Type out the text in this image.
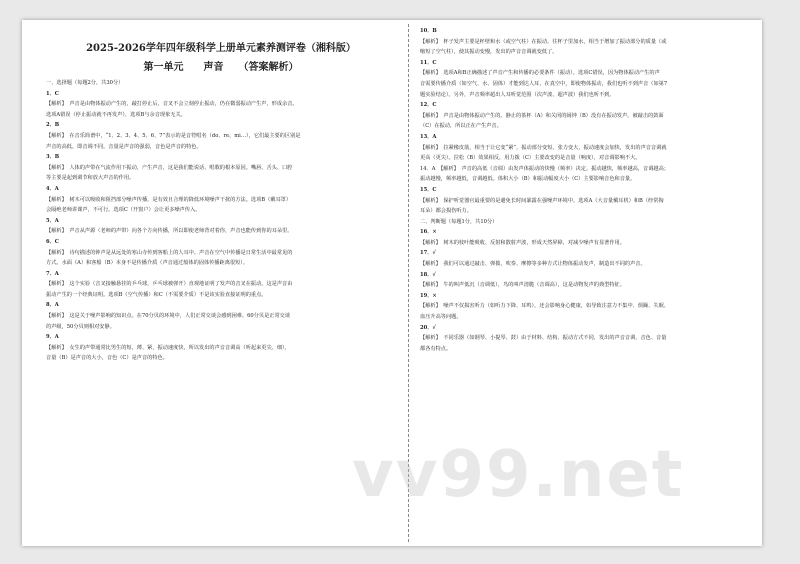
2025-2026学年四年级科学上册单元素养测评卷（湘科版）
第一单元　　声音　　（答案解析）
一、选择题（每题2分，共30分）
1．C
【解析】　声音是由物体振动产生的，敲打停止后，音叉不会立刻停止振动，仍在微弱振动产生声，形成余音。
选项A错误（停止振动就不再发声），选项B与余音现象无关。
2．B
【解析】　在音乐简谱中，“1、2、3、4、5、6、7”表示的是音符唱名（do、re、mi…），它们最主要的区别是
声音的高低，即音调不同。音量是声音的强弱，音色是声音的特色。
3．B
【解析】　人体的声带在气流作用下振动，产生声音，这是我们能说话、唱歌的根本原因。嘴唇、舌头、口腔
等主要是起到调节和放大声音的作用。
4．A
【解析】　树木可以吸收和阻挡部分噪声传播，是有效且合理的降低环境噪声干扰的方法。选项B（戴耳罩）
会隔绝老师讲课声，不可行。选项C（开窗户）会让更多噪声传入。
5．A
【解析】　声音从声源（老师的声带）向各个方向传播，所以即使老师背对着你，声音也能传到你的耳朵里。
6．C
【解析】　诗句描述的钟声是从远处的寒山寺传到客船上的人耳中。声音在空气中传播是日常生活中最常见的
方式。水面（A）和客船（B）本身不是传播介质（声音通过船体的固体传播距离很短）。
7．A
【解析】　这个实验（音叉接触悬挂的乒乓球，乒乓球被弹开）直观地证明了发声的音叉在振动。这是声音由
振动产生的一个经典证明。选项B（空气传播）和C（不需要介质）不是该实验直接证明的重点。
8．A
【解析】　这是关于噪声影响的知识点。在70分贝的环境中，人们正常交谈会感到困难。60分贝是正常交谈
的声级，50分贝则相对安静。
9．A
【解析】　女生的声带通常比男生的短、薄、紧，振动速度快，所以发出的声音音调高（听起来更尖、细），
音量（B）是声音的大小，音色（C）是声音的特色。
10．B
【解析】　杯子发声主要是杯壁和水（或空气柱）在振动。往杯子里加水，相当于增加了振动部分的质量（或
缩短了空气柱），使其振动变慢，发出的声音音调就变低了。
11．C
【解析】　选项A和B正确描述了声音产生和传播的必要条件（振动）。选项C错误，因为物体振动产生的声
音需要传播介质（如空气、水、固体）才能到达人耳，在真空中，即使物体振动，我们也听不到声音（如第7
题实验结论）。另外，声音频率超出人耳听觉范围（次声波、超声波）我们也听不到。
12．C
【解析】　声音是由物体振动产生的。静止的茶杯（A）和关闭的闹钟（B）没有在振动发声。被敲击的鼓面
（C）在振动，所以正在产生声音。
13．A
【解析】　拉紧橡皮筋，相当于让它变“紧”，振动部分变短、张力变大，振动速度会加快，发出的声音音调就
更高（更尖）。拉松（B）效果相反，用力拨（C）主要改变的是音量（响度），对音调影响不大。
14．A　【解析】　声音的高低（音调）由发声体振动的快慢（频率）决定。振动越快，频率越高，音调越高；
振动越慢，频率越低，音调越低。体积大小（B）和振动幅度大小（C）主要影响音色和音量。
15．C
【解析】　保护听觉器官最重要的是避免长时间暴露在强噪声环境中。选项A（大音量戴耳机）和B（经常掏
耳朵）都会损伤听力。
二、判断题（每题1分，共10分）
16．×
【解析】　树木的枝叶能吸收、反射和散射声波，形成天然屏障，对减少噪声有显著作用。
17．√
【解析】　我们可以通过敲击、弹拨、吹奏、摩擦等多种方式让物体振动发声，制造出不同的声音。
18．√
【解析】　牛的叫声低沉（音调低），鸟的叫声清脆（音调高），这是动物发声的典型特征。
19．×
【解析】　噪声不仅损害听力（如听力下降、耳鸣），还会影响身心健康，如导致注意力不集中、烦躁、失眠、
血压升高等问题。
20．√
【解析】　不同乐器（如钢琴、小提琴、鼓）由于材料、结构、振动方式不同，发出的声音音调、音色、音量
都各有特点。
vv99.net
